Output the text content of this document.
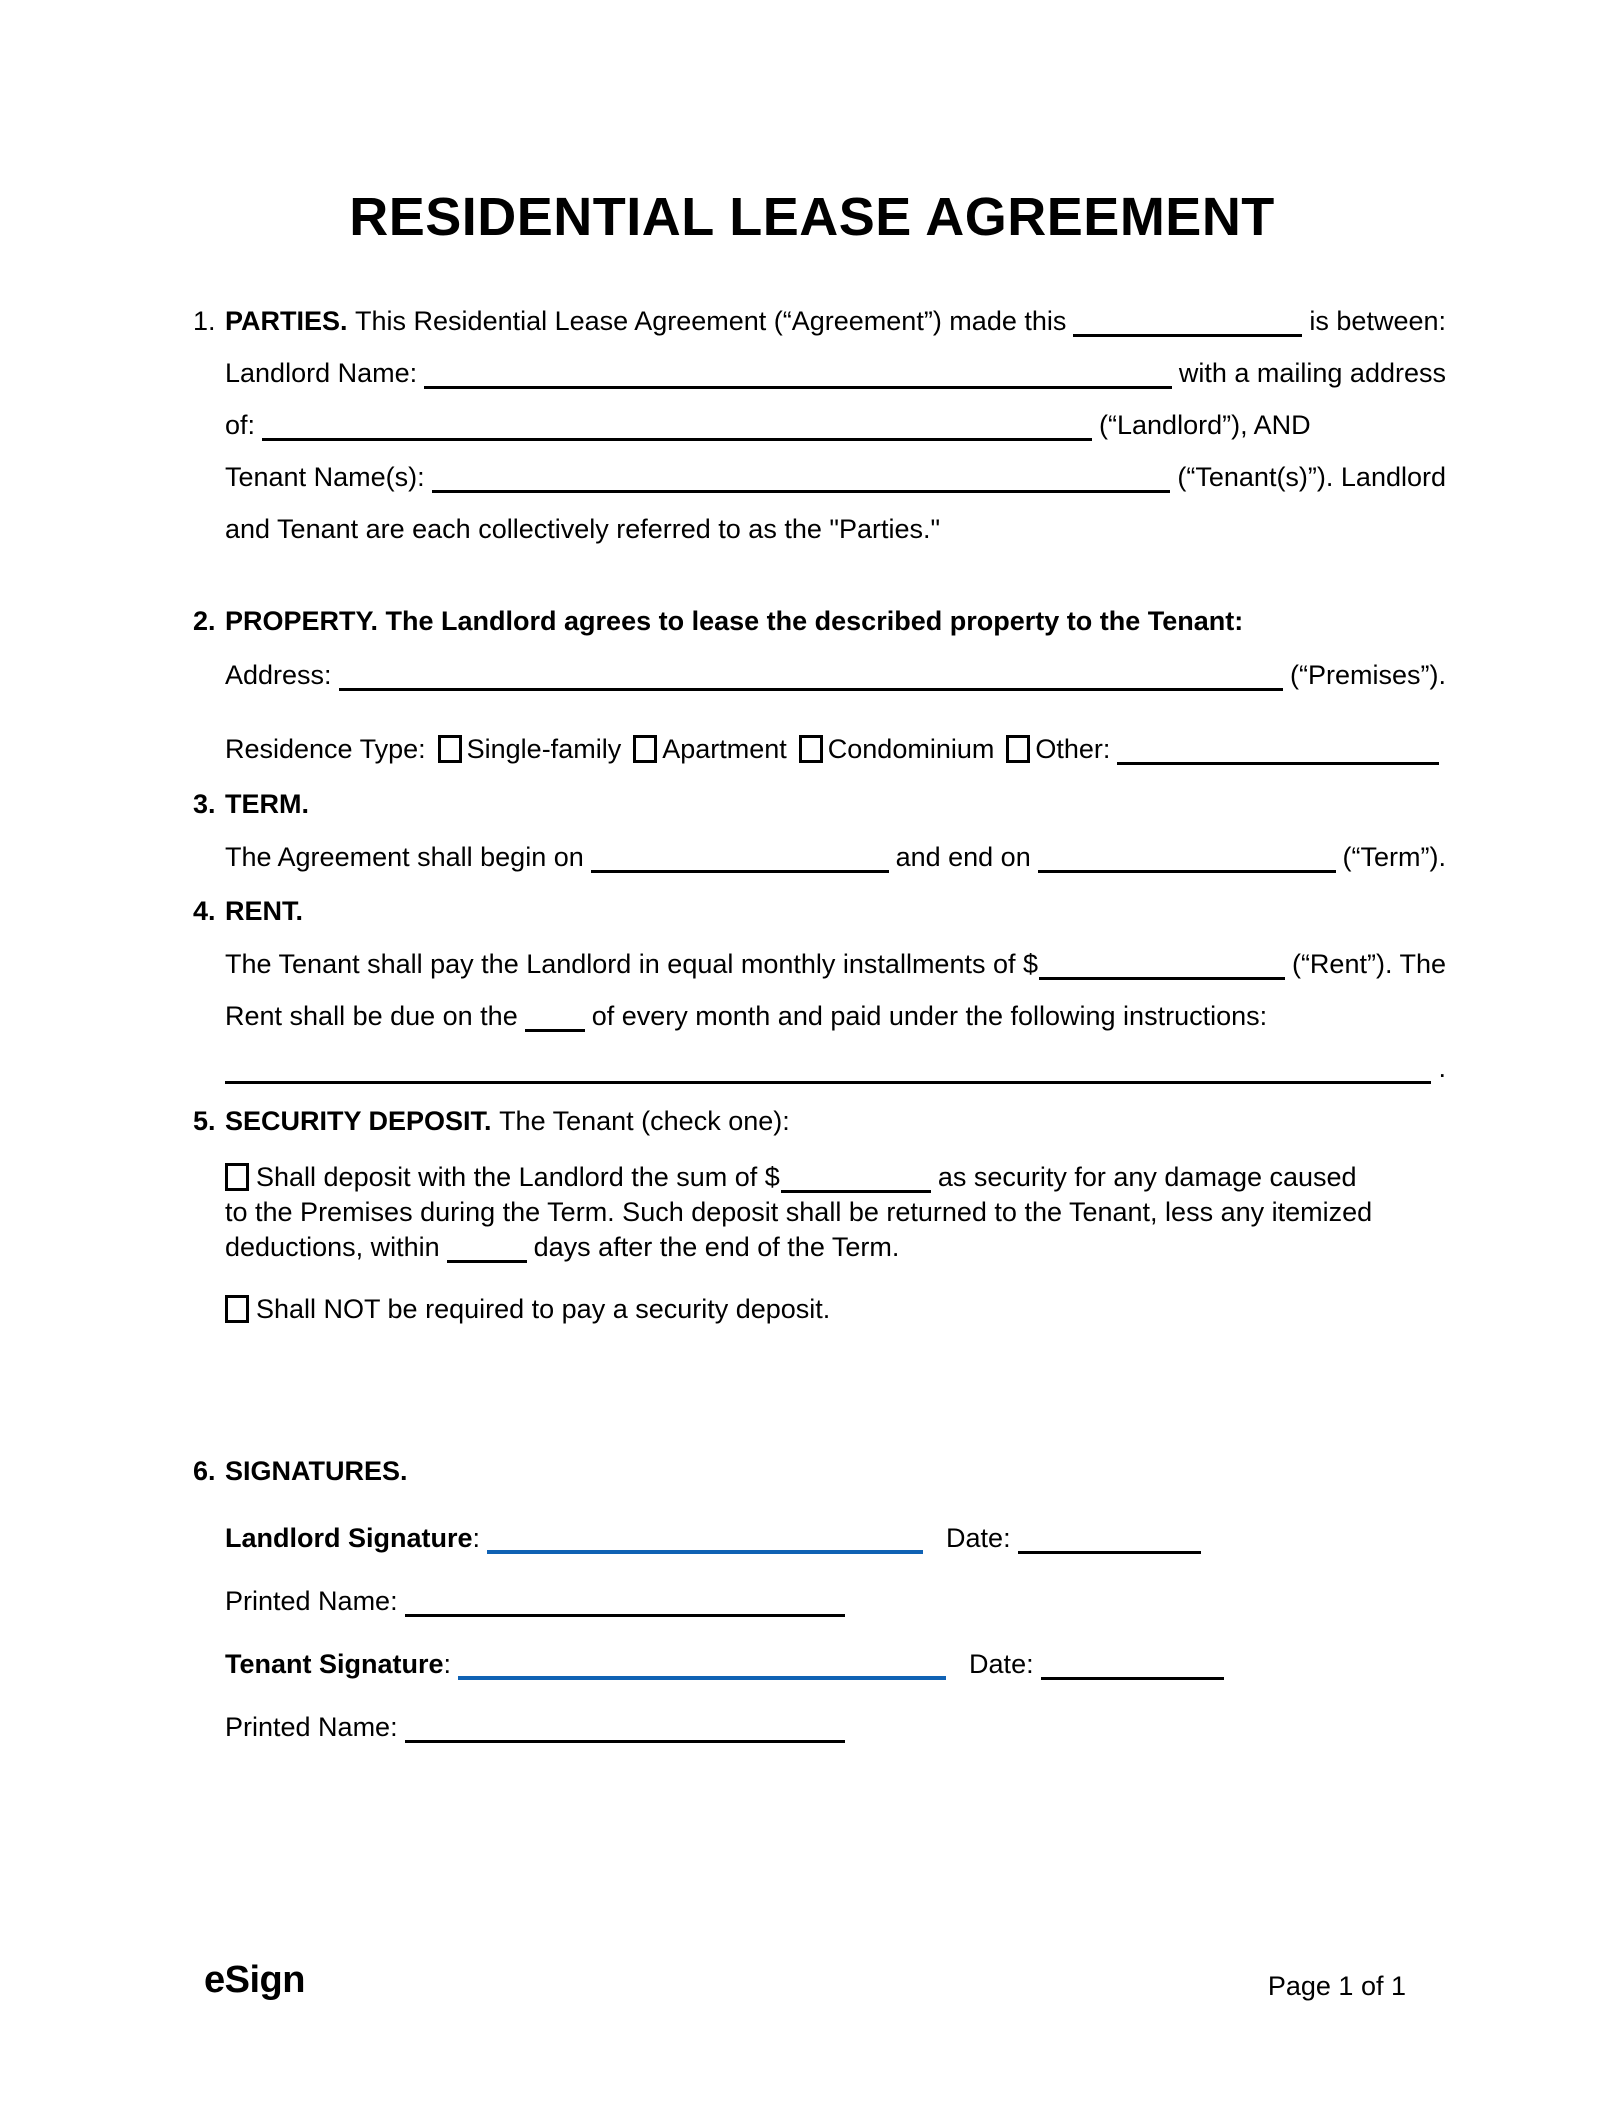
RESIDENTIAL LEASE AGREEMENT
1. PARTIES. This Residential Lease Agreement (“Agreement”) made this	is between:
Landlord Name:	with a mailing address
of:	(“Landlord”), AND
Tenant Name(s):	(“Tenant(s)”). Landlord
and Tenant are each collectively referred to as the "Parties."
2. PROPERTY. The Landlord agrees to lease the described property to the Tenant:
Address:	(“Premises”).
Residence Type: Single-family Apartment Condominium Other:
3. TERM.
The Agreement shall begin on	and end on	(“Term”).
4. RENT.
The Tenant shall pay the Landlord in equal monthly installments of $	(“Rent”). The
Rent shall be due on the	of every month and paid under the following instructions:
.
5. SECURITY DEPOSIT. The Tenant (check one):
Shall deposit with the Landlord the sum of $	as security for any damage caused
to the Premises during the Term. Such deposit shall be returned to the Tenant, less any itemized
deductions, within	days after the end of the Term.
Shall NOT be required to pay a security deposit.
6. SIGNATURES.
Landlord Signature :	Date:
Printed Name:
Tenant Signature :	Date:
Printed Name:
eSign	Page 1 of 1
